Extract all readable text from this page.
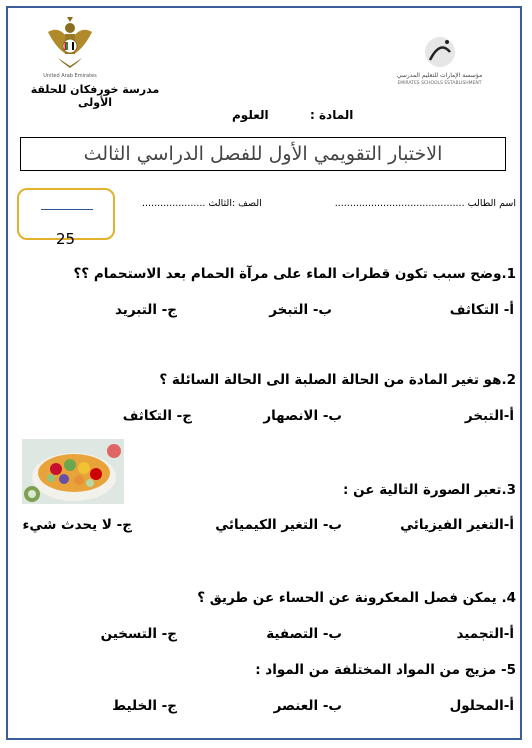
United Arab Emirates
مدرسة خورفكان للحلقة الأولى
مؤسسة الإمارات للتعليم المدرسي
EMIRATES SCHOOLS ESTABLISHMENT
المادة :
العلوم
الاختبار التقويمي الأول للفصل الدراسي الثالث
اسم الطالب ...........................................
الصف :الثالث .....................
25
1.وضح سبب تكون قطرات الماء على مرآة الحمام بعد الاستحمام ؟؟
أ- التكاثف
ب- التبخر
ج- التبريد
2.هو تغير المادة من الحالة الصلبة الى الحالة السائلة ؟
أ-التبخر
ب- الانصهار
ج- التكاثف
3.تعبر الصورة التالية عن :
أ-التغير الفيزيائي
ب- التغير الكيميائي
ج- لا يحدث شيء
4. يمكن فصل المعكرونة عن الحساء عن طريق ؟
أ-التجميد
ب- التصفية
ج- التسخين
5- مزيج من المواد المختلفة من المواد :
أ-المحلول
ب- العنصر
ج- الخليط
